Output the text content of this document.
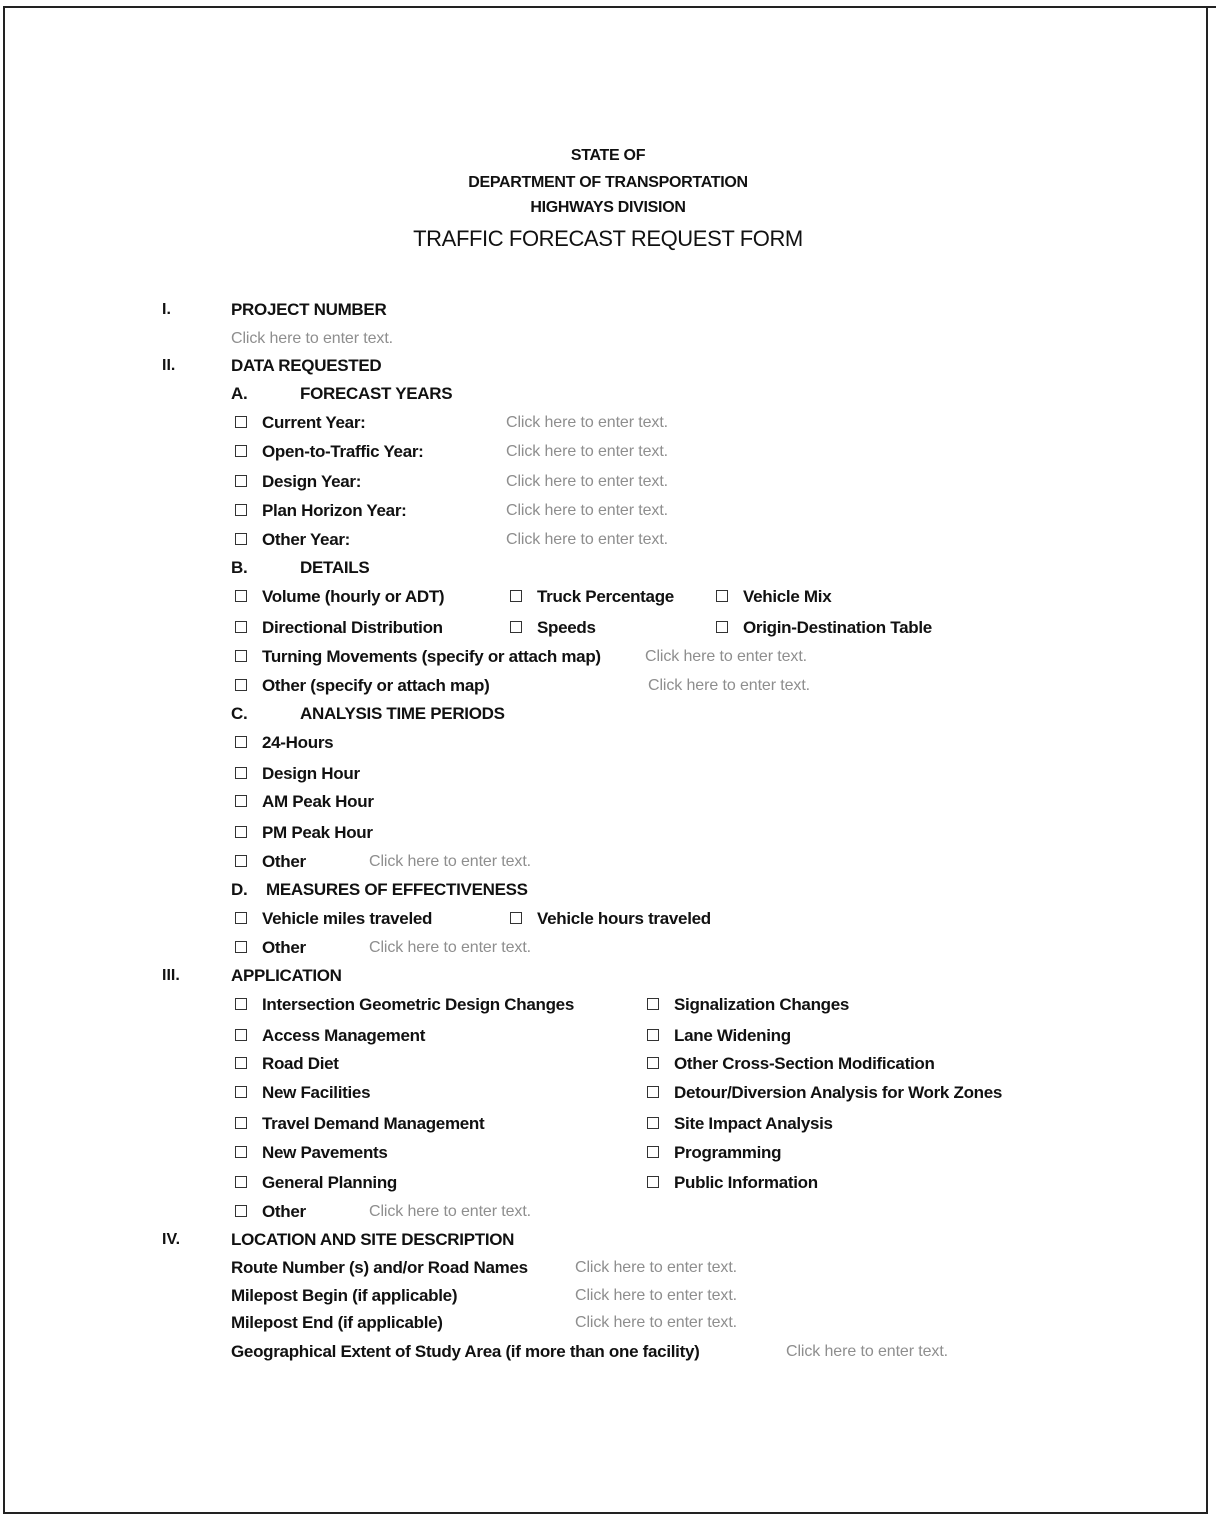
STATE OF
DEPARTMENT OF TRANSPORTATION
HIGHWAYS DIVISION
TRAFFIC FORECAST REQUEST FORM
I.	PROJECT NUMBER
Click here to enter text.
II.	DATA REQUESTED
A.	FORECAST YEARS
Current Year:	Click here to enter text.
Open-to-Traffic Year:	Click here to enter text.
Design Year:	Click here to enter text.
Plan Horizon Year:	Click here to enter text.
Other Year:	Click here to enter text.
B.	DETAILS
Volume (hourly or ADT)	Truck Percentage	Vehicle Mix
Directional Distribution	Speeds	Origin-Destination Table
Turning Movements (specify or attach map)	Click here to enter text.
Other (specify or attach map)	Click here to enter text.
C.	ANALYSIS TIME PERIODS
24-Hours
Design Hour
AM Peak Hour
PM Peak Hour
Other	Click here to enter text.
D. MEASURES OF EFFECTIVENESS
Vehicle miles traveled	Vehicle hours traveled
Other	Click here to enter text.
III.	APPLICATION
Intersection Geometric Design Changes	Signalization Changes
Access Management	Lane Widening
Road Diet	Other Cross-Section Modification
New Facilities	Detour/Diversion Analysis for Work Zones
Travel Demand Management	Site Impact Analysis
New Pavements	Programming
General Planning	Public Information
Other	Click here to enter text.
IV.	LOCATION AND SITE DESCRIPTION
Route Number (s) and/or Road Names	Click here to enter text.
Milepost Begin (if applicable)	Click here to enter text.
Milepost End (if applicable)	Click here to enter text.
Geographical Extent of Study Area (if more than one facility)	Click here to enter text.
